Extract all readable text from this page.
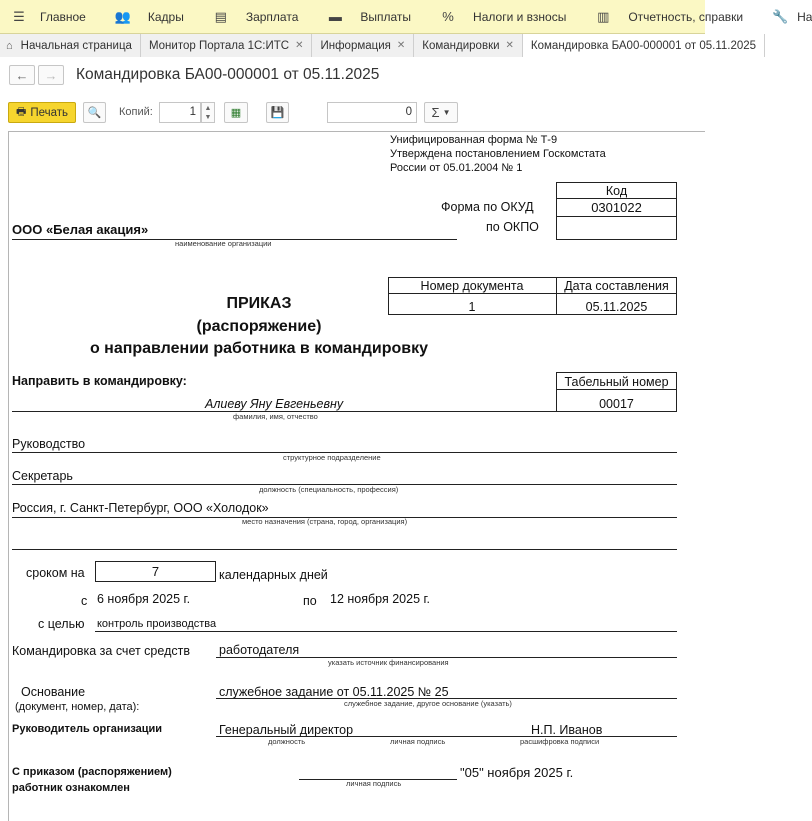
☰ Главное 👥 Кадры ▤ Зарплата ▬ Выплаты % Налоги и взносы ▥ Отчетность, справки 🔧 На
⌂ Начальная страница Монитор Портала 1С:ИТС ✕ Информация ✕ Командировки ✕ Командировка БА00-000001 от 05.11.2025
← → Командировка БА00-000001 от 05.11.2025
🖶 Печать 🔍 Копий:	1	▲
▼ ▦	💾	0	Σ ▼
Унифицированная форма № Т-9
Утверждена постановлением Госкомстата
России от 05.01.2004 № 1
Код
0301022
Форма по ОКУД
по ОКПО
ООО «Белая акация»
наименование организации
Номер документа	Дата составления
1	05.11.2025
ПРИКАЗ
(распоряжение)
о направлении работника в командировку
Направить в командировку:	Табельный номер
00017
Алиеву Яну Евгеньевну
фамилия, имя, отчество
Руководство
структурное подразделение
Секретарь
должность (специальность, профессия)
Россия, г. Санкт-Петербург, ООО «Холодок»
место назначения (страна, город, организация)
сроком на	7	календарных дней
с 6 ноября 2025 г.	по 12 ноября 2025 г.
с целью контроль производства
Командировка за счет средств работодателя
указать источник финансирования
Основание
(документ, номер, дата):
служебное задание от 05.11.2025 № 25
служебное задание, другое основание (указать)
Руководитель организации	Генеральный директор	Н.П. Иванов
должность	личная подпись	расшифровка подписи
С приказом (распоряжением)
работник ознакомлен	личная подпись
"05" ноября 2025 г.
